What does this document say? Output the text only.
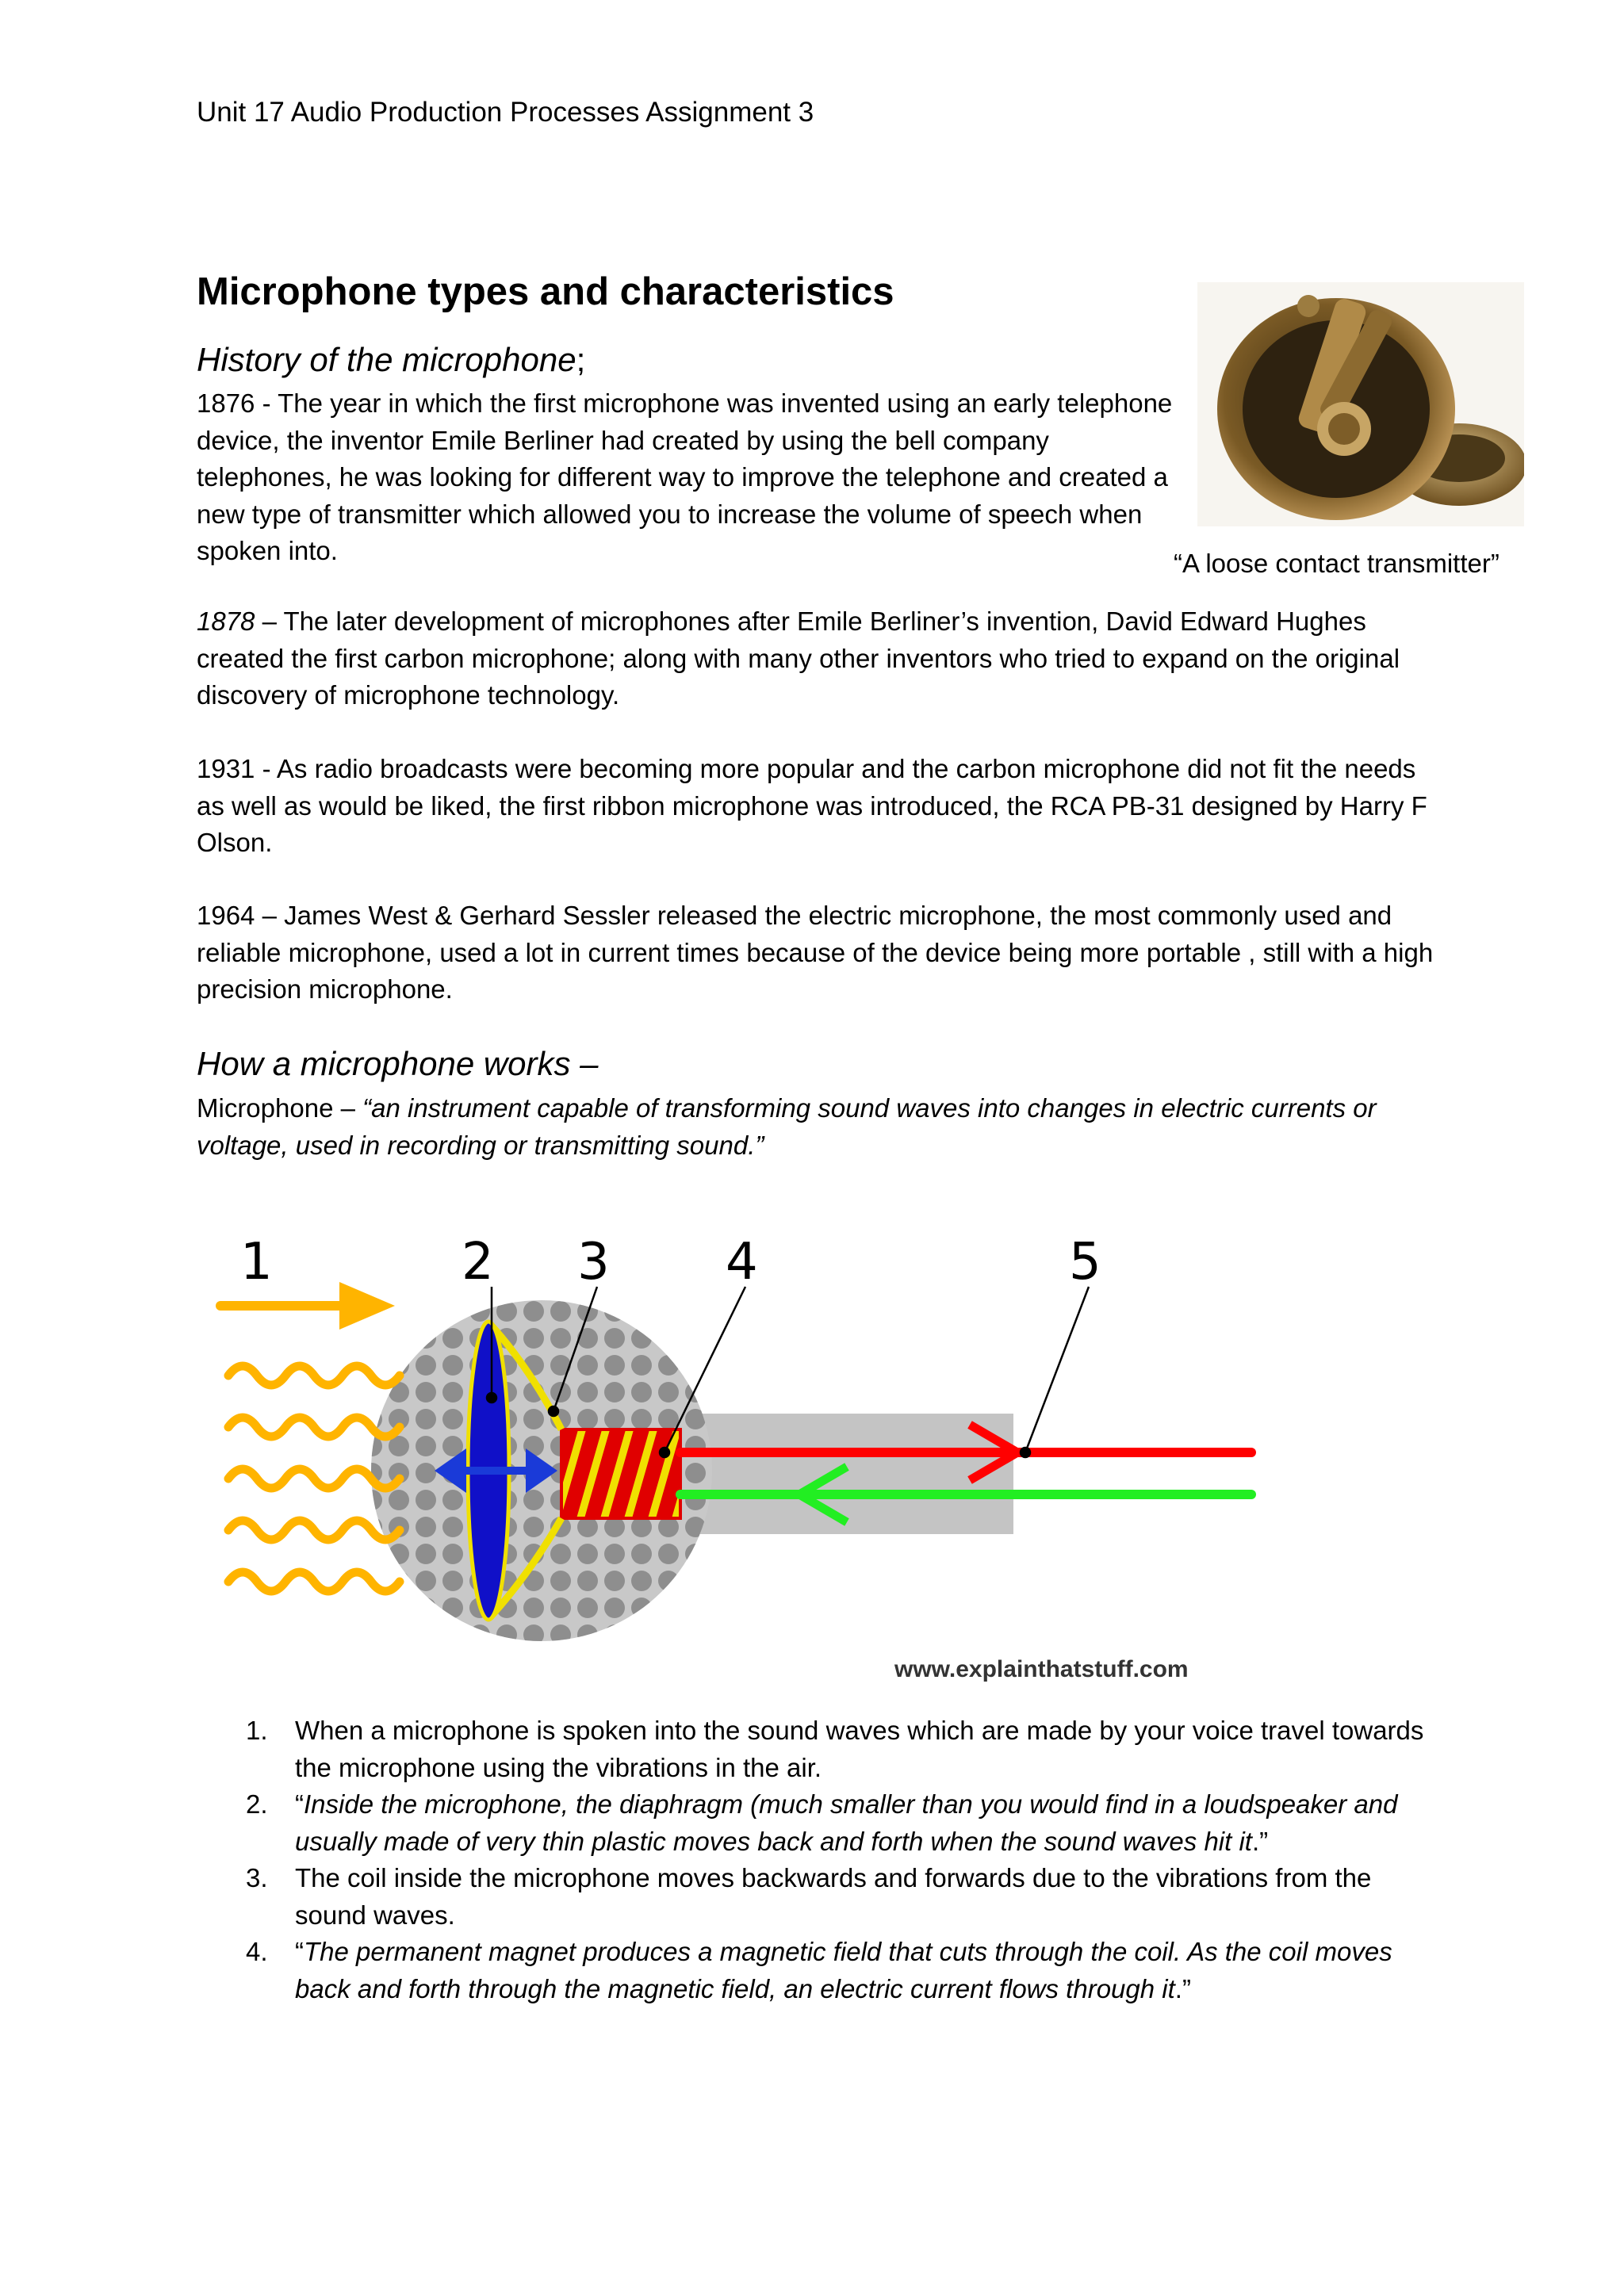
Unit 17 Audio Production Processes Assignment 3
Microphone types and characteristics
History of the microphone;
1876 - The year in which the first microphone was invented using an early telephone device, the inventor Emile Berliner had created by using the bell company telephones, he was looking for different way to improve the telephone and created a new type of transmitter which allowed you to increase the volume of speech when spoken into.	“A loose contact transmitter”
1878 – The later development of microphones after Emile Berliner’s invention, David Edward Hughes created the first carbon microphone; along with many other inventors who tried to expand on the original discovery of microphone technology.
1931 - As radio broadcasts were becoming more popular and the carbon microphone did not fit the needs as well as would be liked, the first ribbon microphone was introduced, the RCA PB-31 designed by Harry F Olson.
1964 – James West & Gerhard Sessler released the electric microphone, the most commonly used and reliable microphone, used a lot in current times because of the device being more portable , still with a high precision microphone.
How a microphone works –
Microphone – “an instrument capable of transforming sound waves into changes in electric currents or voltage, used in recording or transmitting sound.”
1	2 3 4	5
www.explainthatstuff.com
1. When a microphone is spoken into the sound waves which are made by your voice travel towards the microphone using the vibrations in the air.
2. “Inside the microphone, the diaphragm (much smaller than you would find in a loudspeaker and usually made of very thin plastic moves back and forth when the sound waves hit it.”
3. The coil inside the microphone moves backwards and forwards due to the vibrations from the sound waves.
4. “The permanent magnet produces a magnetic field that cuts through the coil. As the coil moves back and forth through the magnetic field, an electric current flows through it.”
